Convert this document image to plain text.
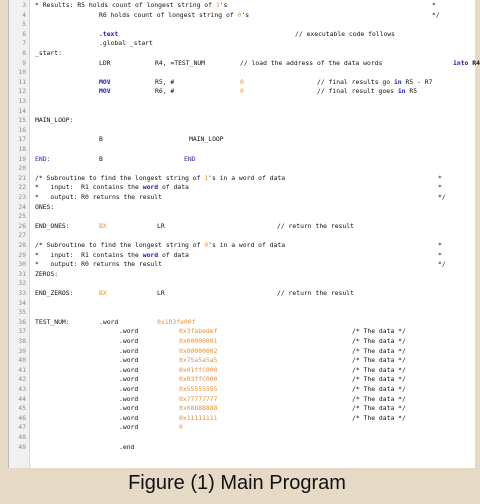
3 * Results: R5 holds count of longest string of 1's	*
4	R6 holds count of longest string of 0's	*/
5
6	.text	// executable code follows
7	.global _start
8 _start:
9	LDR	R4, =TEST_NUM	// load the address of the data words	into R4
10
11	MOV	R5, #	0	// final results go in R5 - R7
12	MOV	R6, #	0	// final result goes in R5
13
14
15 MAIN_LOOP:
16
17	B	MAIN_LOOP
18
19 END:	B	END
20
21 /* Subroutine to find the longest string of 1's in a word of data	*
22 *   input:  R1 contains the word of data	*
23 *   output: R0 returns the result	*/
24 ONES:
25
26 END_ONES:	BX	LR	// return the result
27
28 /* Subroutine to find the longest string of 0's in a word of data	*
29 *   input:  R1 contains the word of data	*
30 *   output: R0 returns the result	*/
31 ZEROS:
32
33 END_ZEROS:	BX	LR	// return the result
34
35
36 TEST_NUM:	.word	0x103fe00f
37	.word	0x3fabedef	/* The data */
38	.word	0x00000001	/* The data */
39	.word	0x00000002	/* The data */
40	.word	0x75a5a5a5	/* The data */
41	.word	0x01ffC000	/* The data */
42	.word	0x03ffC000	/* The data */
43	.word	0x55555555	/* The data */
44	.word	0x77777777	/* The data */
45	.word	0x08888888	/* The data */
46	.word	0x11111111	/* The data */
47	.word	0
48
49	.end
Figure (1) Main Program
